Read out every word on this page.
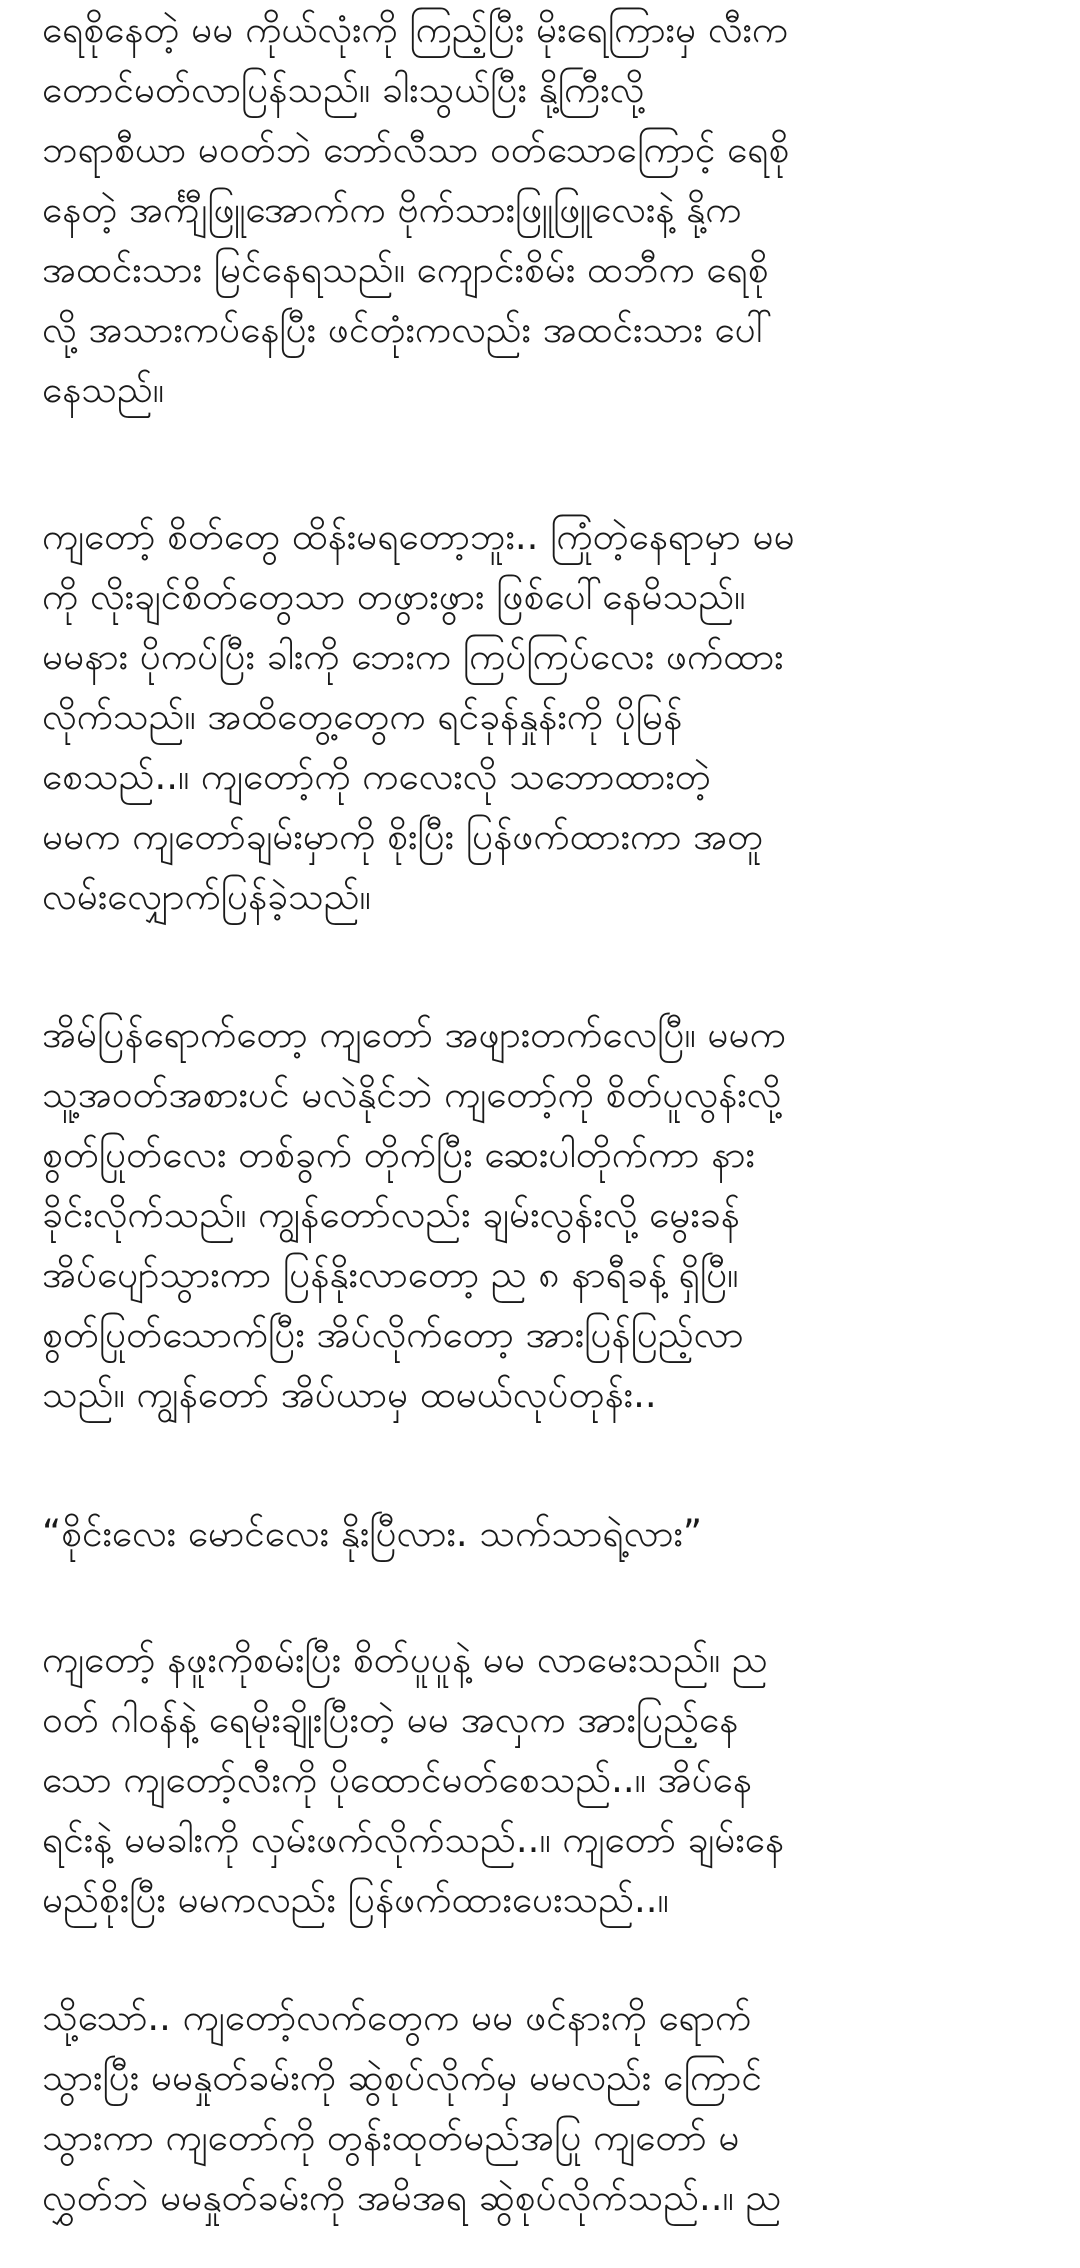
ရေစိုနေတဲ့ မမ ကိုယ်လုံးကို ကြည့်ပြီး မိုးရေကြားမှ လီးက
တောင်မတ်လာပြန်သည်။ ခါးသွယ်ပြီး နို့ကြီးလို့
ဘရာစီယာ မဝတ်ဘဲ ဘော်လီသာ ဝတ်သောကြောင့် ရေစို
နေတဲ့ အင်္ကျီဖြူအောက်က ဗိုက်သားဖြူဖြူလေးနဲ့ နို့က
အထင်းသား မြင်နေရသည်။ ကျောင်းစိမ်း ထဘီက ရေစို
လို့ အသားကပ်နေပြီး ဖင်တုံးကလည်း အထင်းသား ပေါ်
နေသည်။

ကျတော့် စိတ်တွေ ထိန်းမရတော့ဘူး.. ကြုံတဲ့နေရာမှာ မမ
ကို လိုးချင်စိတ်တွေသာ တဖွားဖွား ဖြစ်ပေါ်နေမိသည်။
မမနား ပိုကပ်ပြီး ခါးကို ဘေးက ကြပ်ကြပ်လေး ဖက်ထား
လိုက်သည်။ အထိတွေ့တွေက ရင်ခုန်နှုန်းကို ပိုမြန်
စေသည်..။ ကျတော့်ကို ကလေးလို သဘောထားတဲ့
မမက ကျတော်ချမ်းမှာကို စိုးပြီး ပြန်ဖက်ထားကာ အတူ
လမ်းလျှောက်ပြန်ခဲ့သည်။

အိမ်ပြန်ရောက်တော့ ကျတော် အဖျားတက်လေပြီ။ မမက
သူ့အဝတ်အစားပင် မလဲနိုင်ဘဲ ကျတော့်ကို စိတ်ပူလွန်းလို့
စွတ်ပြုတ်လေး တစ်ခွက် တိုက်ပြီး ဆေးပါတိုက်ကာ နား
ခိုင်းလိုက်သည်။ ကျွန်တော်လည်း ချမ်းလွန်းလို့ မွေးခန်
အိပ်ပျော်သွားကာ ပြန်နိုးလာတော့ ည ၈ နာရီခန့် ရှိပြီ။
စွတ်ပြုတ်သောက်ပြီး အိပ်လိုက်တော့ အားပြန်ပြည့်လာ
သည်။ ကျွန်တော် အိပ်ယာမှ ထမယ်လုပ်တုန်း..

“စိုင်းလေး မောင်လေး နိုးပြီလား. သက်သာရဲ့လား”

ကျတော့် နဖူးကိုစမ်းပြီး စိတ်ပူပူနဲ့ မမ လာမေးသည်။ ည
ဝတ် ဂါဝန်နဲ့ ရေမိုးချိုးပြီးတဲ့ မမ အလှက အားပြည့်နေ
သော ကျတော့်လီးကို ပိုထောင်မတ်စေသည်..။ အိပ်နေ
ရင်းနဲ့ မမခါးကို လှမ်းဖက်လိုက်သည်..။ ကျတော် ချမ်းနေ
မည်စိုးပြီး မမကလည်း ပြန်ဖက်ထားပေးသည်..။

သို့သော်.. ကျတော့်လက်တွေက မမ ဖင်နားကို ရောက်
သွားပြီး မမနှုတ်ခမ်းကို ဆွဲစုပ်လိုက်မှ မမလည်း ကြောင်
သွားကာ ကျတော်ကို တွန်းထုတ်မည်အပြု ကျတော် မ
လွှတ်ဘဲ မမနှုတ်ခမ်းကို အမိအရ ဆွဲစုပ်လိုက်သည်..။ ည
